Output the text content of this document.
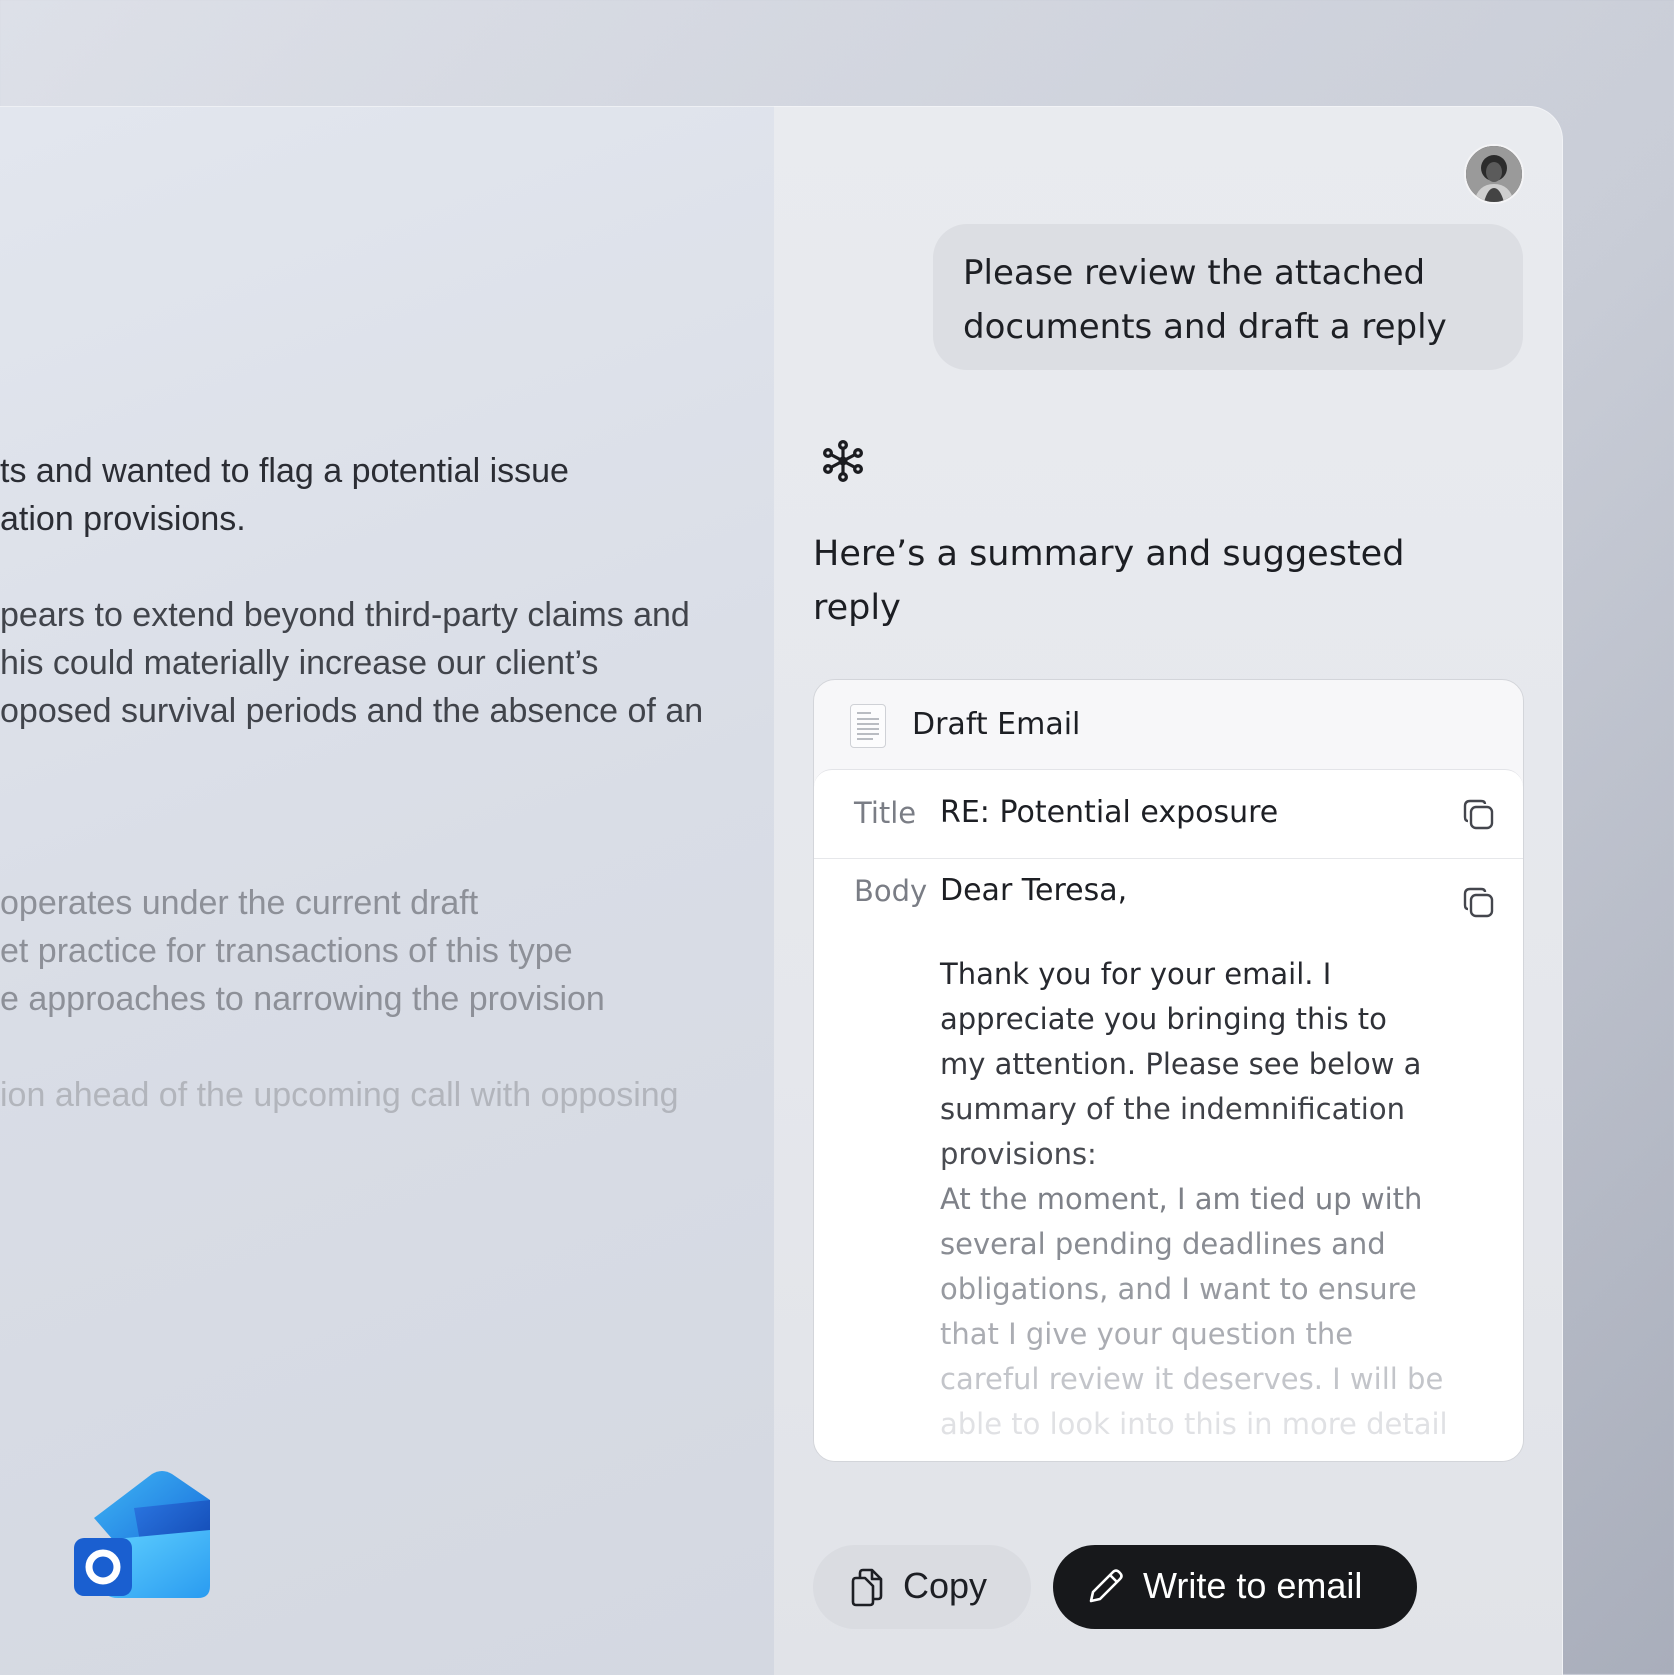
ts and wanted to flag a potential issue
ation provisions.
pears to extend beyond third-party claims and
his could materially increase our client’s
oposed survival periods and the absence of an
operates under the current draft
et practice for transactions of this type
e approaches to narrowing the provision
ion ahead of the upcoming call with opposing
Please review the attached documents and draft a reply
Here’s a summary and suggested reply
Draft Email
Title RE: Potential exposure
Body Dear Teresa,
Thank you for your email. I
appreciate you bringing this to
my attention. Please see below a
summary of the indemnification
provisions:
At the moment, I am tied up with
several pending deadlines and
obligations, and I want to ensure
that I give your question the
careful review it deserves. I will be
able to look into this in more detail
Copy	Write to email
